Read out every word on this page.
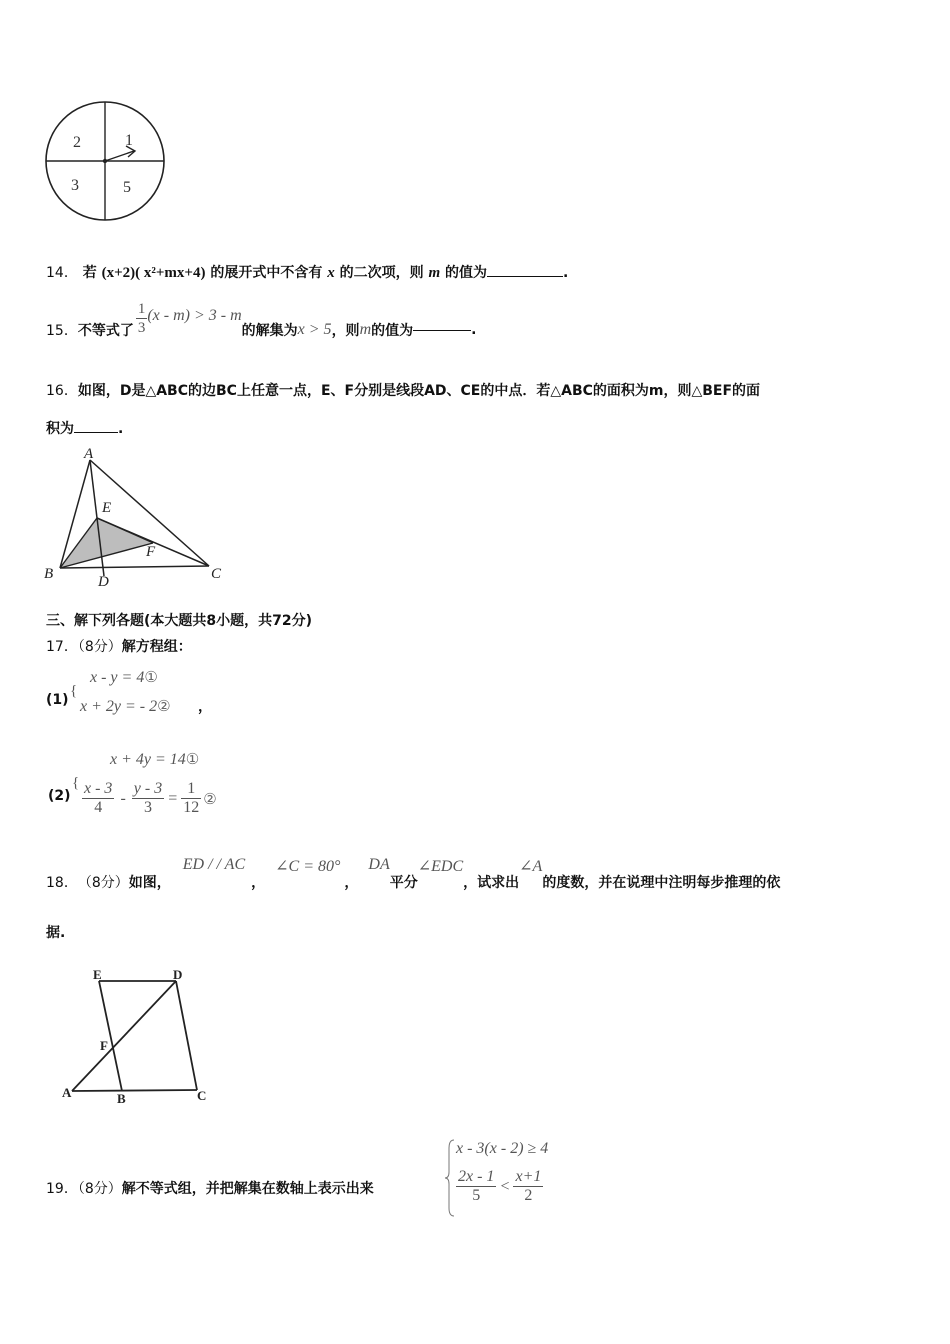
2	1
3	5
14． 若 (x+2)( x²+mx+4) 的展开式中不含有 x 的二次项，则 m 的值为	.
15． 不等式了 $\frac{1}{3} (x - m) > 3 - m$
的解集为 x > 5 ，则 m 的值为	.
16．如图，D是△ABC的边BC上任意一点，E、F分别是线段AD、CE的中点．若△ABC的面积为m，则△BEF的面
积为	.
A
E
F
B	D	C
三、解下列各题(本大题共8小题，共72分)
17．（8分）解方程组：
(1)
{
x - y = 4①
x + 2y = - 2② ，
x + 4y = 14①
(2)
{ $\frac{x - 3}{4} - \frac{y - 3}{3} = \frac{1}{12}$ ②
18． （8分） 如图，
ED / / AC
，
∠C = 80°
，
DA
平分
∠EDC
，试求出
∠A
的度数，并在说理中注明每步推理的依
据.
E	D
F
A	B	C
19．（8分）解不等式组，并把解集在数轴上表示出来
x - 3(x - 2) ≥ 4
$\frac{2x - 1}{5} < \frac{x+1}{2}$
